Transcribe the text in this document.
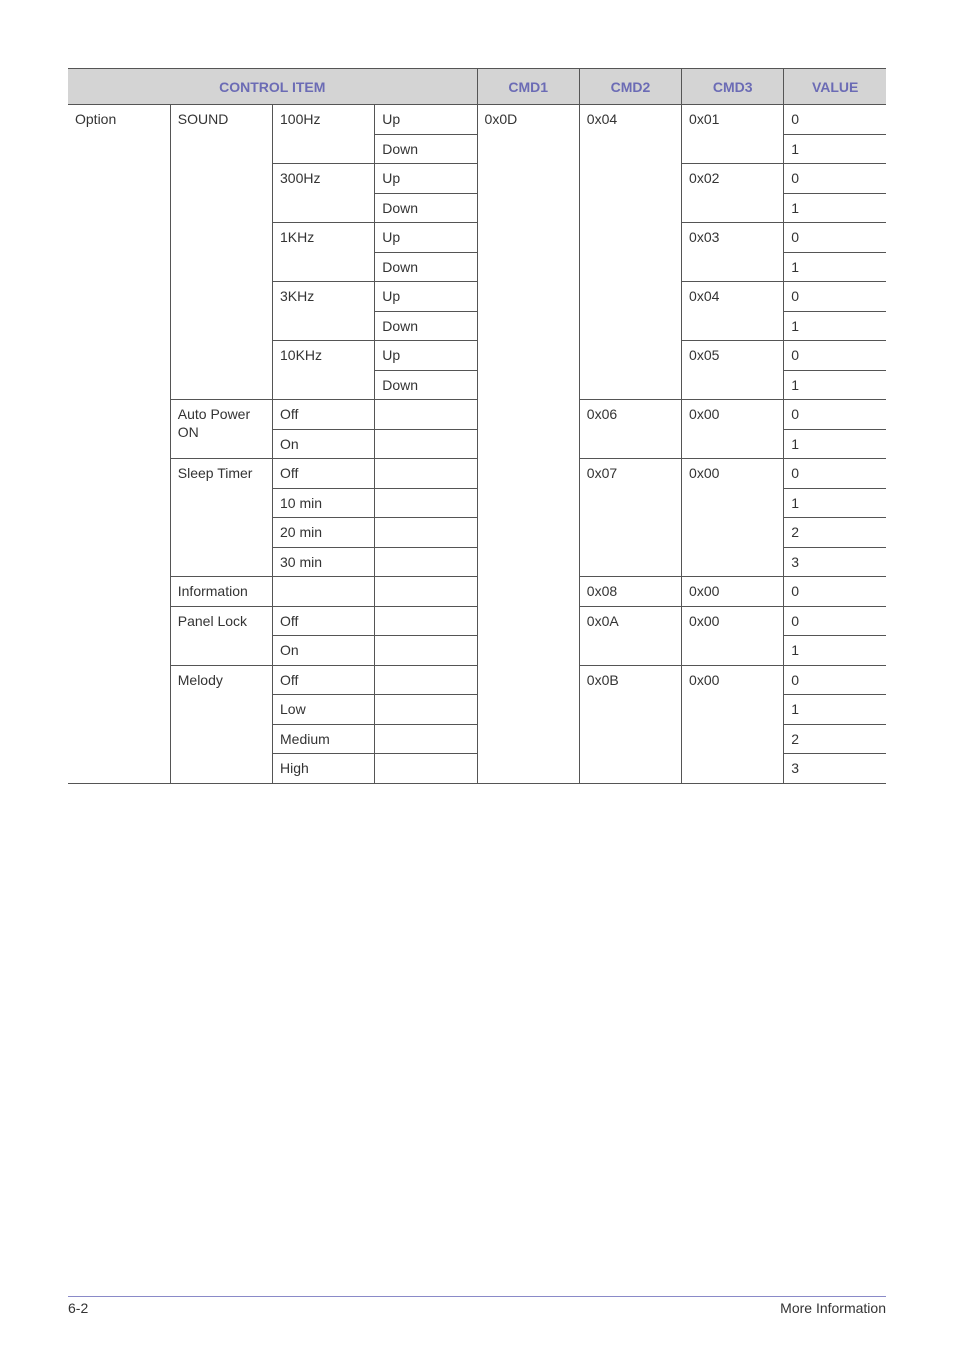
CONTROL ITEM				CMD1	CMD2	CMD3	VALUE
Option	SOUND	100Hz	Up	0x0D	0x04	0x01	0
			Down				1
		300Hz	Up			0x02	0
			Down				1
		1KHz	Up			0x03	0
			Down				1
		3KHz	Up			0x04	0
			Down				1
		10KHz	Up			0x05	0
			Down				1
	Auto Power ON	Off			0x06	0x00	0
		On					1
	Sleep Timer	Off			0x07	0x00	0
		10 min					1
		20 min					2
		30 min					3
	Information				0x08	0x00	0
	Panel Lock	Off			0x0A	0x00	0
		On					1
	Melody	Off			0x0B	0x00	0
		Low					1
		Medium					2
		High					3
6-2	More Information
